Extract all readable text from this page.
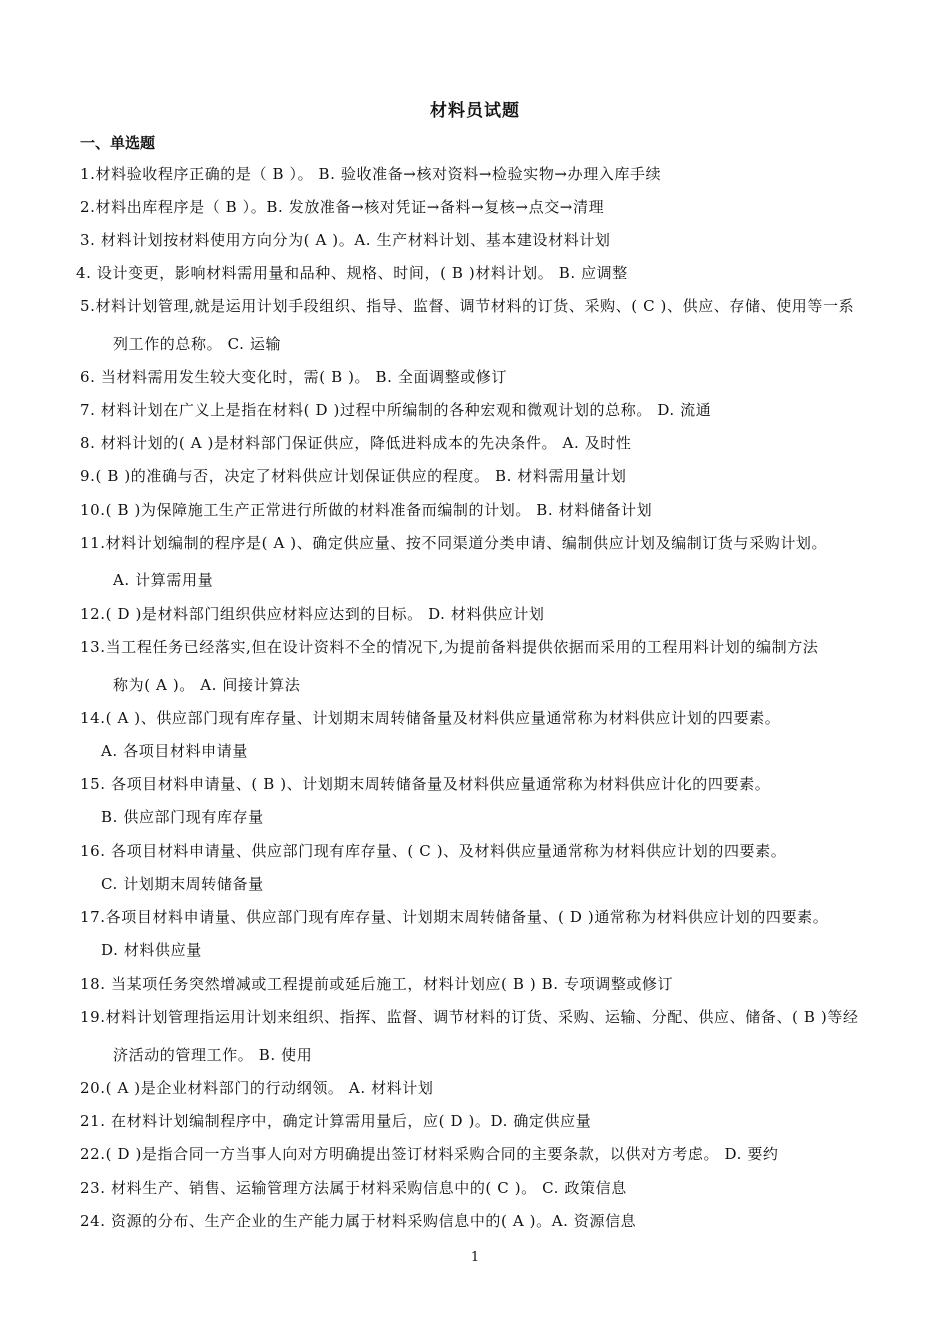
材料员试题
一、单选题
1.材料验收程序正确的是（ B ）。 B. 验收准备→核对资料→检验实物→办理入库手续
2.材料出库程序是（ B ）。B. 发放准备→核对凭证→备料→复核→点交→清理
3. 材料计划按材料使用方向分为( A )。A. 生产材料计划、基本建设材料计划
4. 设计变更，影响材料需用量和品种、规格、时间，( B )材料计划。 B. 应调整
5.材料计划管理,就是运用计划手段组织、指导、监督、调节材料的订货、采购、( C )、供应、存储、使用等一系
列工作的总称。 C. 运输
6. 当材料需用发生较大变化时，需( B )。 B. 全面调整或修订
7. 材料计划在广义上是指在材料( D )过程中所编制的各种宏观和微观计划的总称。 D. 流通
8. 材料计划的( A )是材料部门保证供应，降低进料成本的先决条件。 A. 及时性
9.( B )的准确与否，决定了材料供应计划保证供应的程度。 B. 材料需用量计划
10.( B )为保障施工生产正常进行所做的材料准备而编制的计划。 B. 材料储备计划
11.材料计划编制的程序是( A )、确定供应量、按不同渠道分类申请、编制供应计划及编制订货与采购计划。
A. 计算需用量
12.( D )是材料部门组织供应材料应达到的目标。 D. 材料供应计划
13.当工程任务已经落实,但在设计资料不全的情况下,为提前备料提供依据而采用的工程用料计划的编制方法
称为( A )。 A. 间接计算法
14.( A )、供应部门现有库存量、计划期末周转储备量及材料供应量通常称为材料供应计划的四要素。
A. 各项目材料申请量
15. 各项目材料申请量、( B )、计划期末周转储备量及材料供应量通常称为材料供应计化的四要素。
B. 供应部门现有库存量
16. 各项目材料申请量、供应部门现有库存量、( C )、及材料供应量通常称为材料供应计划的四要素。
C. 计划期末周转储备量
17.各项目材料申请量、供应部门现有库存量、计划期末周转储备量、( D )通常称为材料供应计划的四要素。
D. 材料供应量
18. 当某项任务突然增减或工程提前或延后施工，材料计划应( B ) B. 专项调整或修订
19.材料计划管理指运用计划来组织、指挥、监督、调节材料的订货、采购、运输、分配、供应、储备、( B )等经
济活动的管理工作。 B. 使用
20.( A )是企业材料部门的行动纲领。 A. 材料计划
21. 在材料计划编制程序中，确定计算需用量后，应( D )。D. 确定供应量
22.( D )是指合同一方当事人向对方明确提出签订材料采购合同的主要条款，以供对方考虑。 D. 要约
23. 材料生产、销售、运输管理方法属于材料采购信息中的( C )。 C. 政策信息
24. 资源的分布、生产企业的生产能力属于材料采购信息中的( A )。A. 资源信息
1
